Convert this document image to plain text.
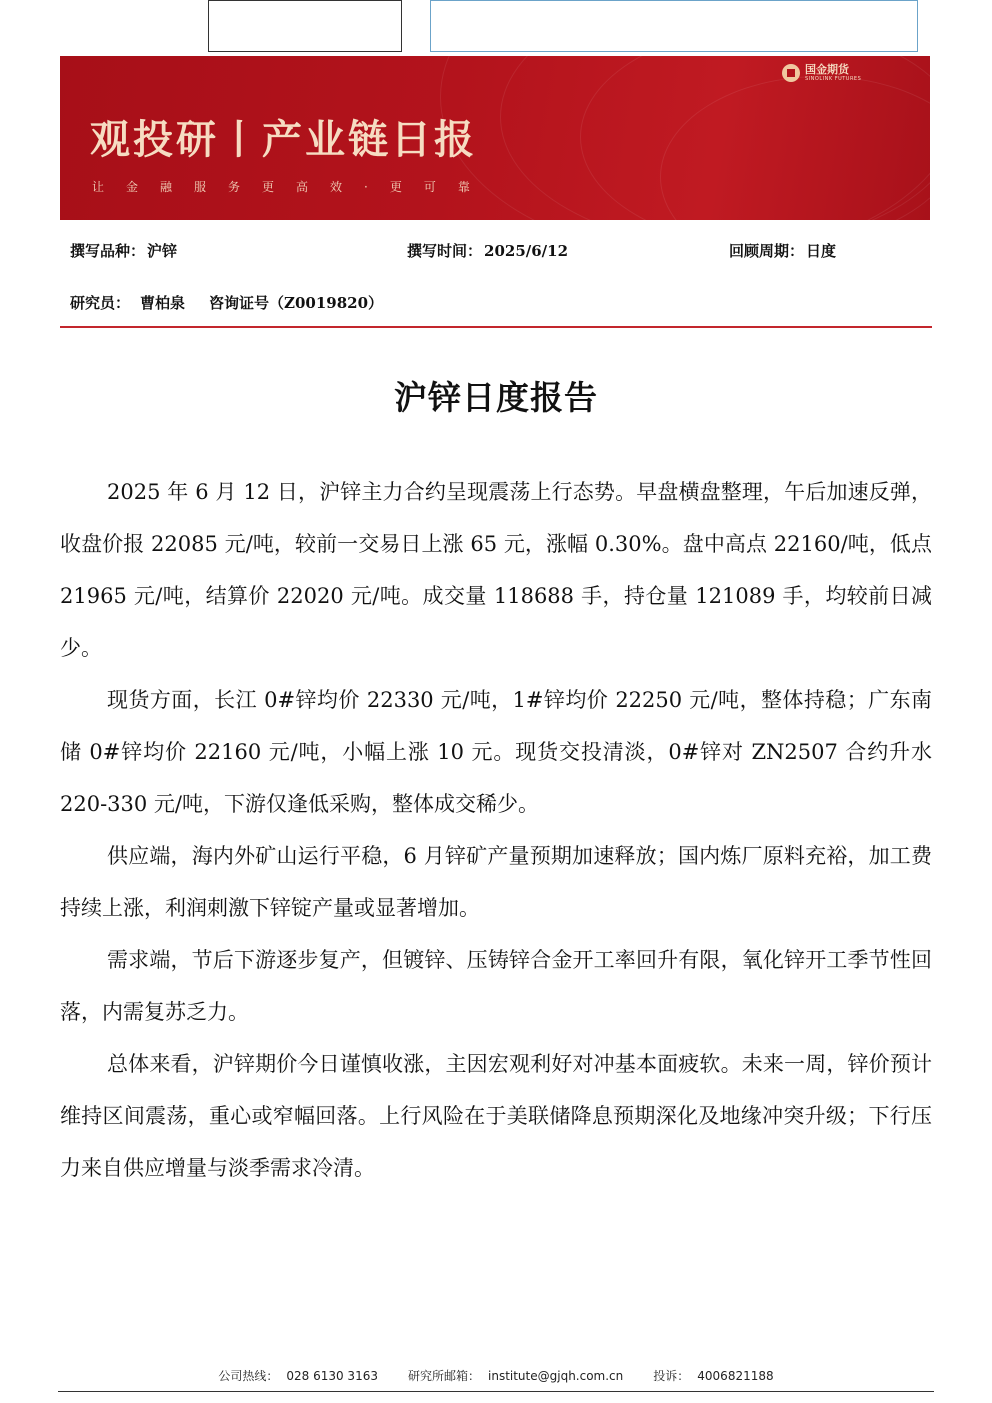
国金期货
SINOLINK FUTURES
观投研丨产业链日报
让金融服务更高效·更可靠
撰写品种： 沪锌	撰写时间： 2025/6/12	回顾周期： 日度
研究员： 曹柏泉 咨询证号（Z0019820）
沪锌日度报告

2025 年 6 月 12 日，沪锌主力合约呈现震荡上行态势。早盘横盘整理，午后加速反弹，收盘价报 22085 元/吨，较前一交易日上涨 65 元，涨幅 0.30%。盘中高点 22160/吨，低点 21965 元/吨，结算价 22020 元/吨。成交量 118688 手，持仓量 121089 手，均较前日减少。

现货方面，长江 0#锌均价 22330 元/吨，1#锌均价 22250 元/吨，整体持稳；广东南储 0#锌均价 22160 元/吨，小幅上涨 10 元。现货交投清淡，0#锌对 ZN2507 合约升水 220-330 元/吨，下游仅逢低采购，整体成交稀少。

供应端，海内外矿山运行平稳，6 月锌矿产量预期加速释放；国内炼厂原料充裕，加工费持续上涨，利润刺激下锌锭产量或显著增加。

需求端，节后下游逐步复产，但镀锌、压铸锌合金开工率回升有限，氧化锌开工季节性回落，内需复苏乏力。

总体来看，沪锌期价今日谨慎收涨，主因宏观利好对冲基本面疲软。未来一周，锌价预计维持区间震荡，重心或窄幅回落。上行风险在于美联储降息预期深化及地缘冲突升级；下行压力来自供应增量与淡季需求冷清。

公司热线： 028 6130 3163	研究所邮箱： institute@gjqh.com.cn	投诉： 4006821188
